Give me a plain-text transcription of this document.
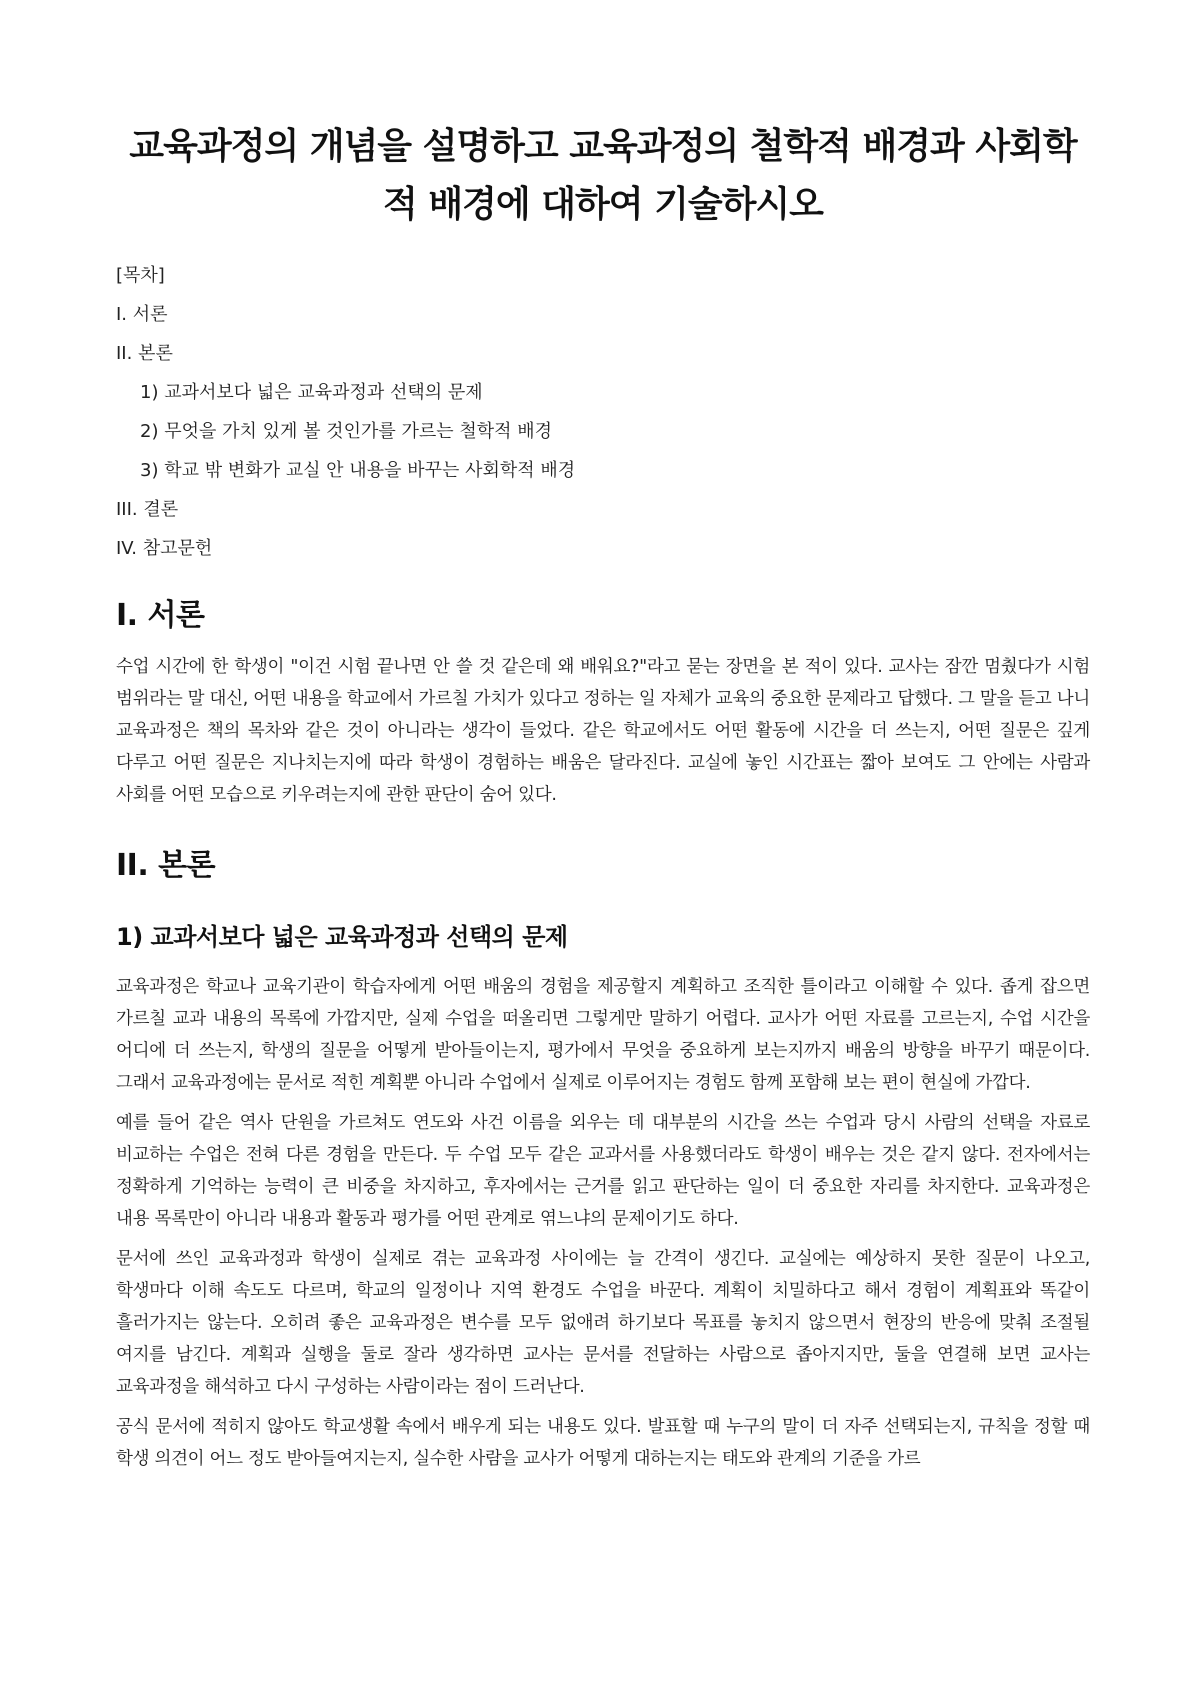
교육과정의 개념을 설명하고 교육과정의 철학적 배경과 사회학적 배경에 대하여 기술하시오

[목차]

I. 서론

II. 본론

1) 교과서보다 넓은 교육과정과 선택의 문제

2) 무엇을 가치 있게 볼 것인가를 가르는 철학적 배경

3) 학교 밖 변화가 교실 안 내용을 바꾸는 사회학적 배경

III. 결론

IV. 참고문헌

I. 서론

수업 시간에 한 학생이 "이건 시험 끝나면 안 쓸 것 같은데 왜 배워요?"라고 묻는 장면을 본 적이 있다. 교사는 잠깐 멈췄다가 시험 범위라는 말 대신, 어떤 내용을 학교에서 가르칠 가치가 있다고 정하는 일 자체가 교육의 중요한 문제라고 답했다. 그 말을 듣고 나니 교육과정은 책의 목차와 같은 것이 아니라는 생각이 들었다. 같은 학교에서도 어떤 활동에 시간을 더 쓰는지, 어떤 질문은 깊게 다루고 어떤 질문은 지나치는지에 따라 학생이 경험하는 배움은 달라진다. 교실에 놓인 시간표는 짧아 보여도 그 안에는 사람과 사회를 어떤 모습으로 키우려는지에 관한 판단이 숨어 있다.

II. 본론
1) 교과서보다 넓은 교육과정과 선택의 문제

교육과정은 학교나 교육기관이 학습자에게 어떤 배움의 경험을 제공할지 계획하고 조직한 틀이라고 이해할 수 있다. 좁게 잡으면 가르칠 교과 내용의 목록에 가깝지만, 실제 수업을 떠올리면 그렇게만 말하기 어렵다. 교사가 어떤 자료를 고르는지, 수업 시간을 어디에 더 쓰는지, 학생의 질문을 어떻게 받아들이는지, 평가에서 무엇을 중요하게 보는지까지 배움의 방향을 바꾸기 때문이다. 그래서 교육과정에는 문서로 적힌 계획뿐 아니라 수업에서 실제로 이루어지는 경험도 함께 포함해 보는 편이 현실에 가깝다.

예를 들어 같은 역사 단원을 가르쳐도 연도와 사건 이름을 외우는 데 대부분의 시간을 쓰는 수업과 당시 사람의 선택을 자료로 비교하는 수업은 전혀 다른 경험을 만든다. 두 수업 모두 같은 교과서를 사용했더라도 학생이 배우는 것은 같지 않다. 전자에서는 정확하게 기억하는 능력이 큰 비중을 차지하고, 후자에서는 근거를 읽고 판단하는 일이 더 중요한 자리를 차지한다. 교육과정은 내용 목록만이 아니라 내용과 활동과 평가를 어떤 관계로 엮느냐의 문제이기도 하다.

문서에 쓰인 교육과정과 학생이 실제로 겪는 교육과정 사이에는 늘 간격이 생긴다. 교실에는 예상하지 못한 질문이 나오고, 학생마다 이해 속도도 다르며, 학교의 일정이나 지역 환경도 수업을 바꾼다. 계획이 치밀하다고 해서 경험이 계획표와 똑같이 흘러가지는 않는다. 오히려 좋은 교육과정은 변수를 모두 없애려 하기보다 목표를 놓치지 않으면서 현장의 반응에 맞춰 조절될 여지를 남긴다. 계획과 실행을 둘로 잘라 생각하면 교사는 문서를 전달하는 사람으로 좁아지지만, 둘을 연결해 보면 교사는 교육과정을 해석하고 다시 구성하는 사람이라는 점이 드러난다.

공식 문서에 적히지 않아도 학교생활 속에서 배우게 되는 내용도 있다. 발표할 때 누구의 말이 더 자주 선택되는지, 규칙을 정할 때 학생 의견이 어느 정도 받아들여지는지, 실수한 사람을 교사가 어떻게 대하는지는 태도와 관계의 기준을 가르
